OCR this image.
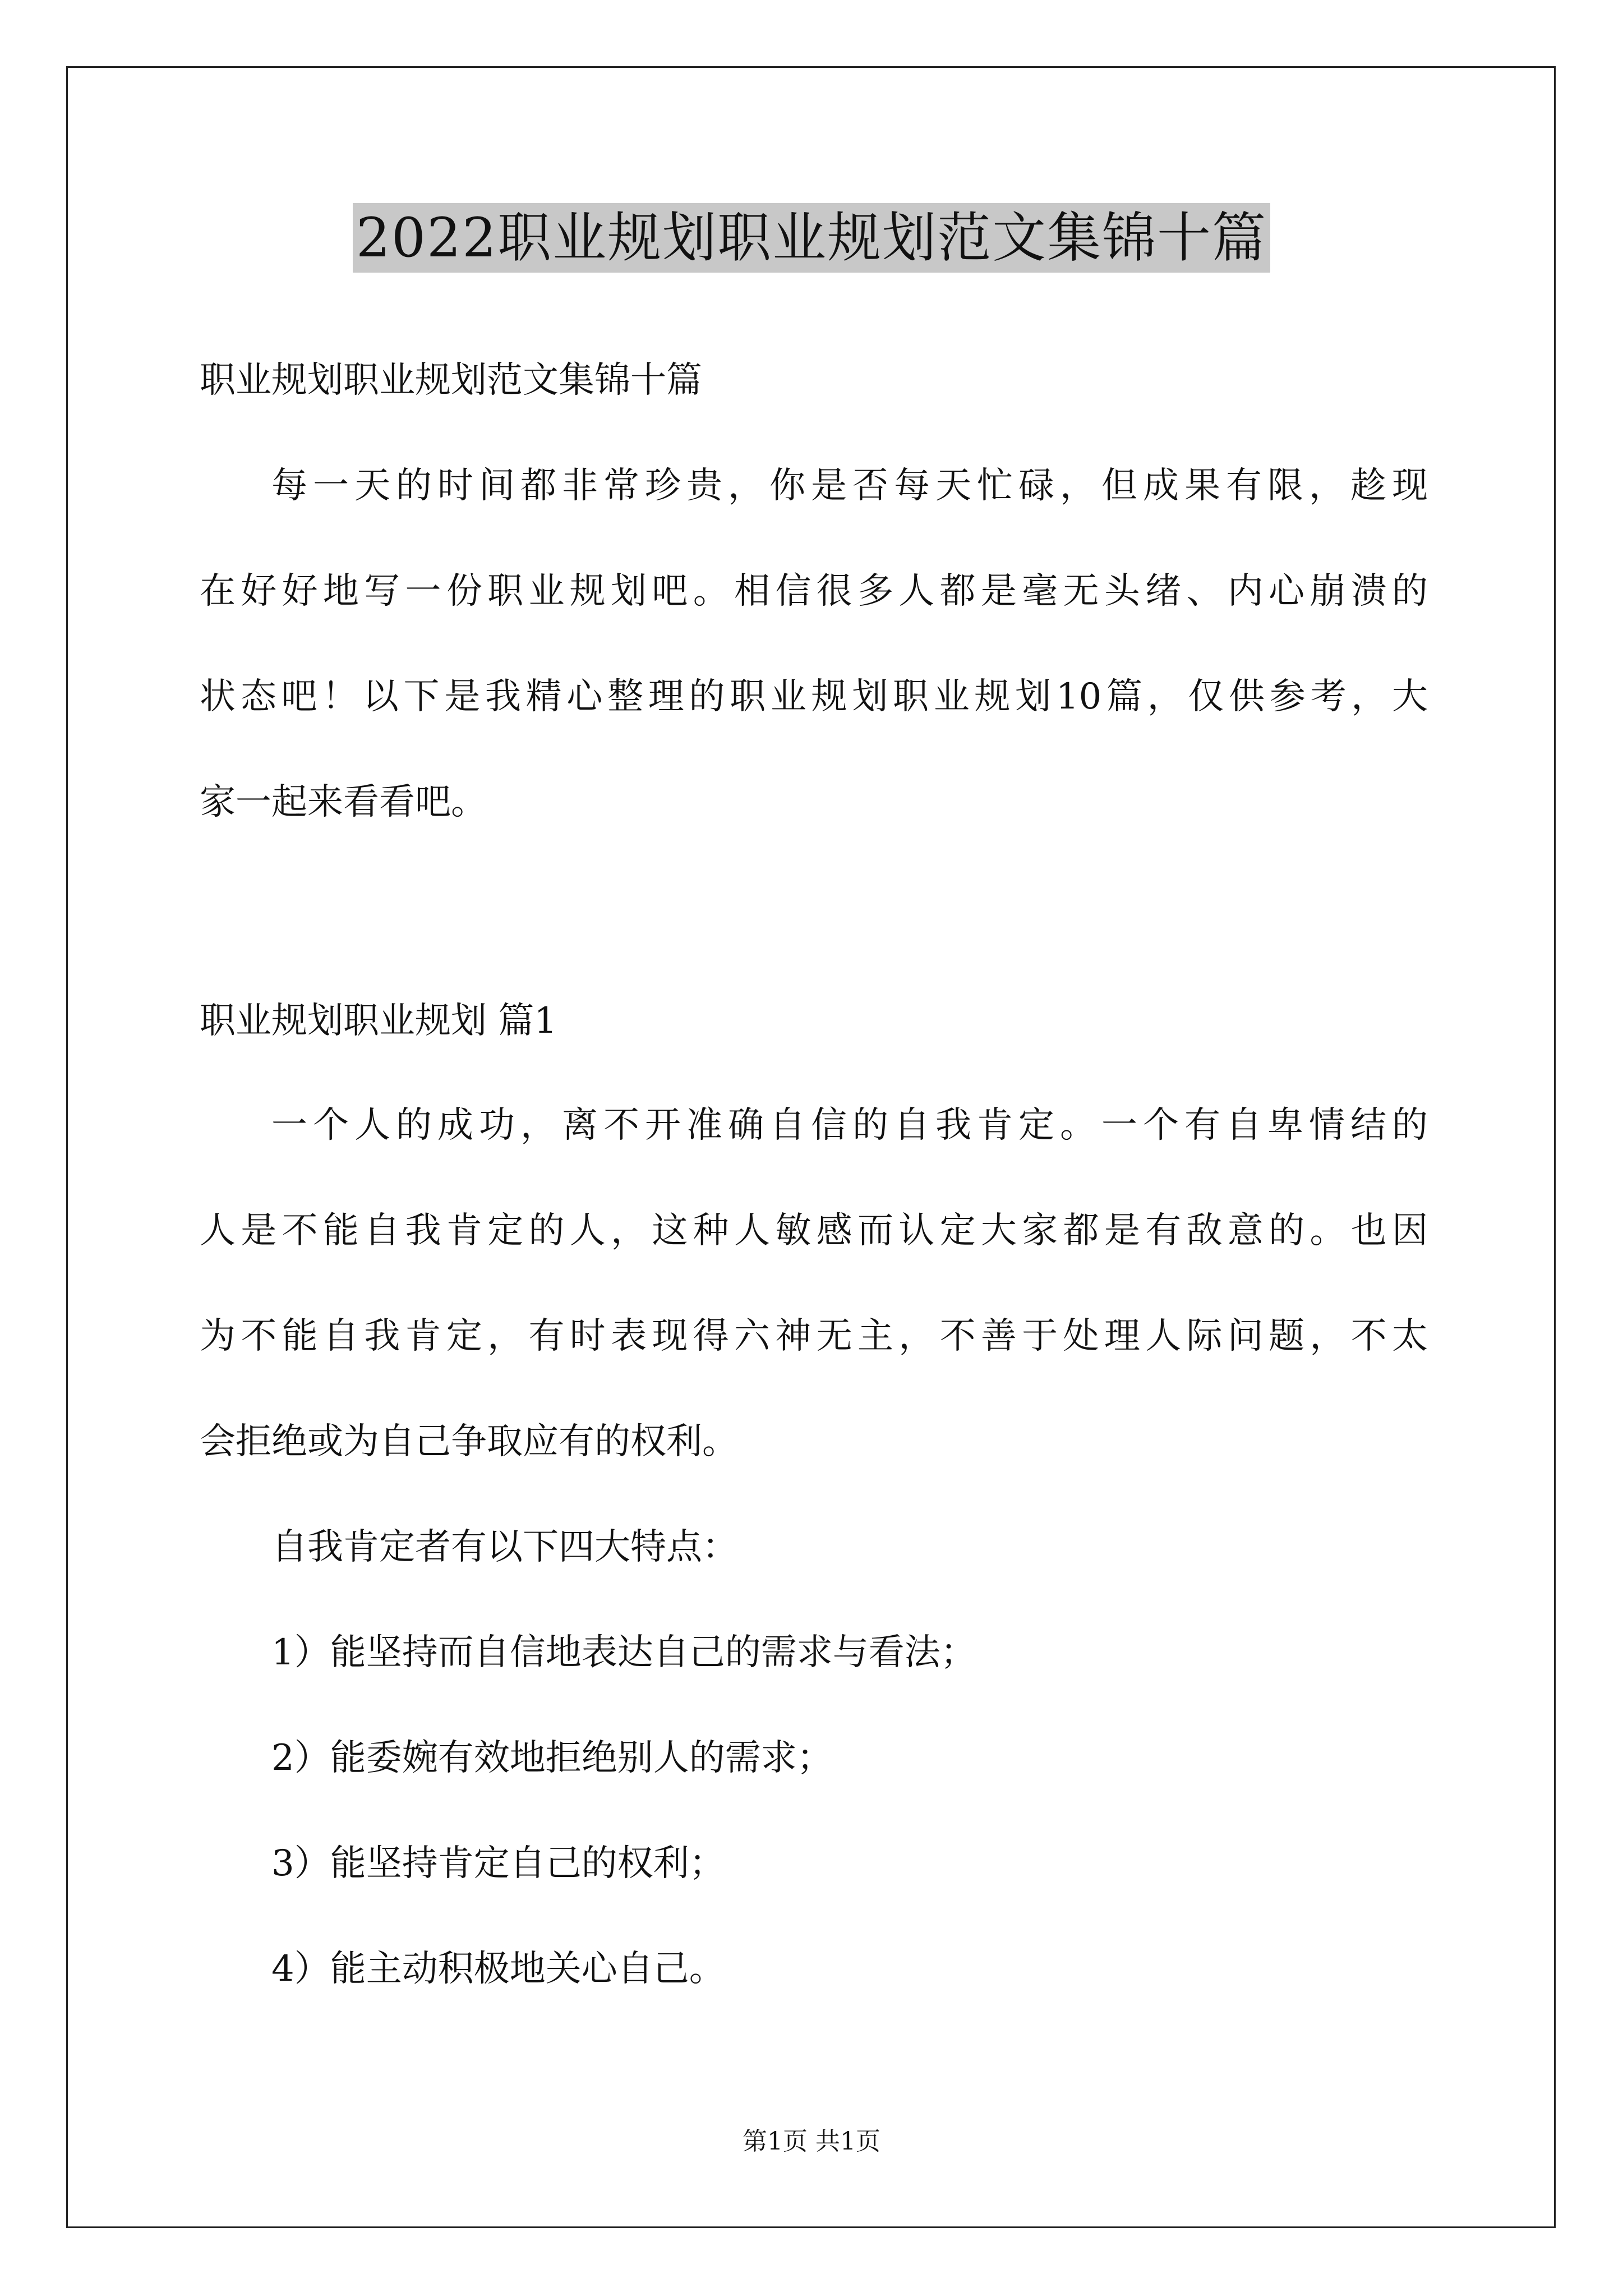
2022职业规划职业规划范文集锦十篇
职业规划职业规划范文集锦十篇
每一天的时间都非常珍贵，你是否每天忙碌，但成果有限，趁现
在好好地写一份职业规划吧。相信很多人都是毫无头绪、内心崩溃的
状态吧！以下是我精心整理的职业规划职业规划10篇，仅供参考，大
家一起来看看吧。
职业规划职业规划 篇1
一个人的成功，离不开准确自信的自我肯定。一个有自卑情结的
人是不能自我肯定的人，这种人敏感而认定大家都是有敌意的。也因
为不能自我肯定，有时表现得六神无主，不善于处理人际问题，不太
会拒绝或为自己争取应有的权利。
自我肯定者有以下四大特点：
1）能坚持而自信地表达自己的需求与看法；
2）能委婉有效地拒绝别人的需求；
3）能坚持肯定自己的权利；
4）能主动积极地关心自己。
第1页 共1页
